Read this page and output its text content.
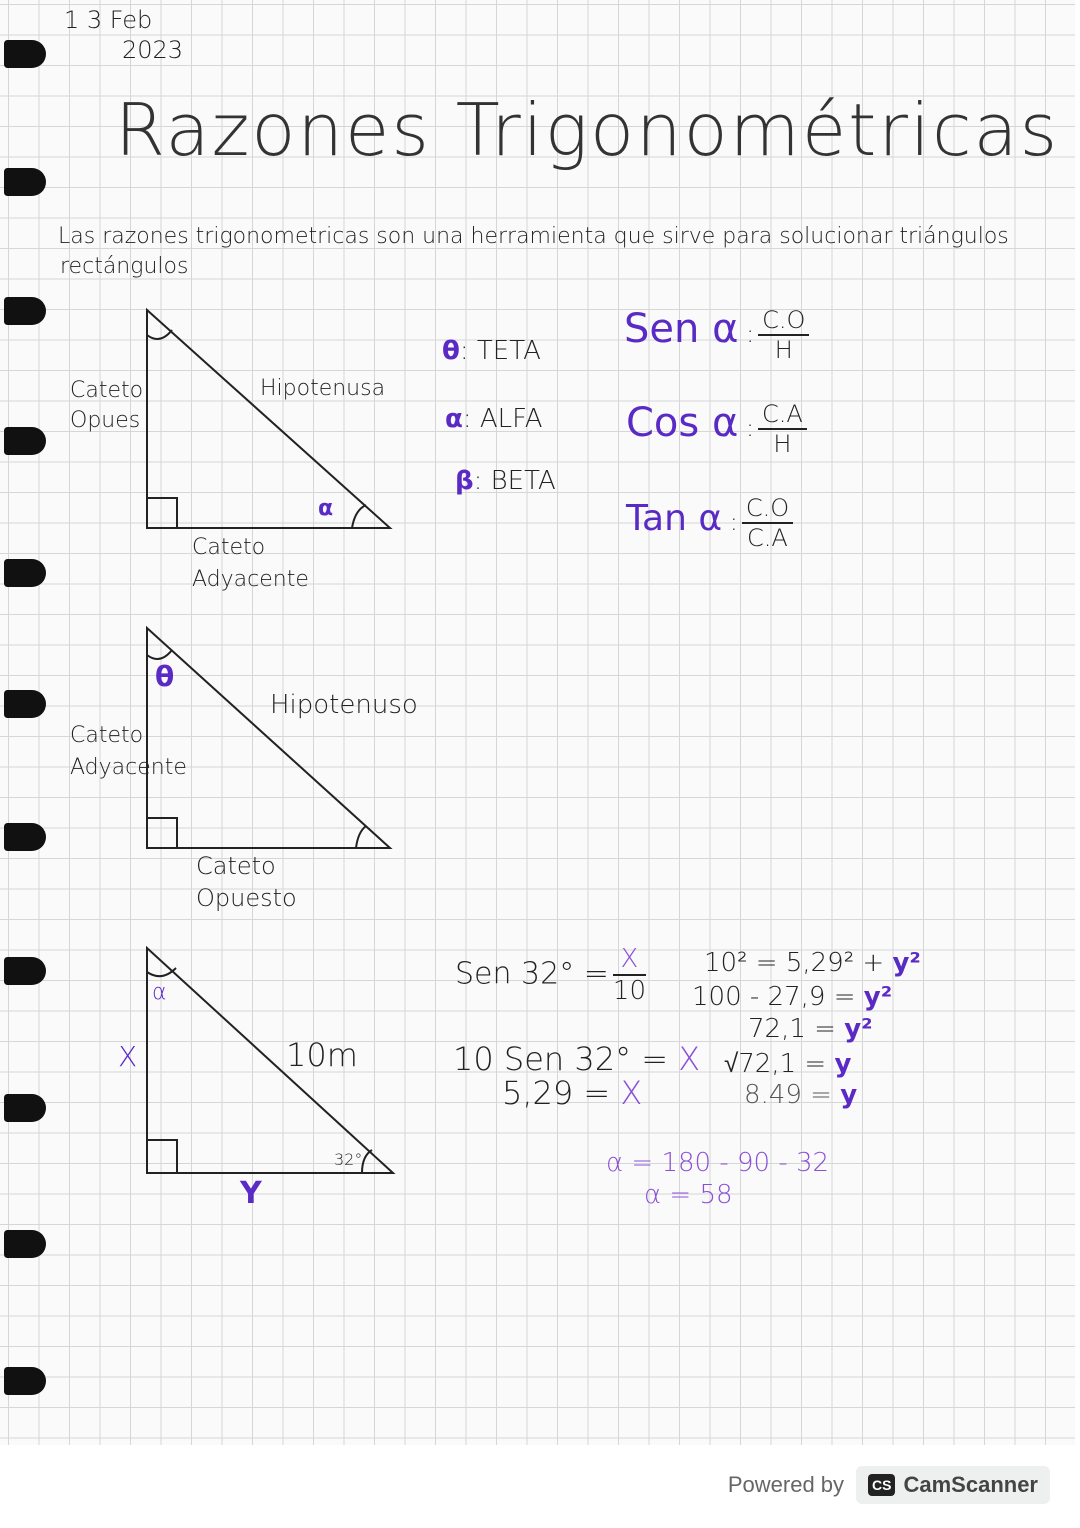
1 3 Feb
2023
Razones Trigonométricas
Las razones trigonometricas son una herramienta que sirve para solucionar triángulos
rectángulos
Cateto
Opues
Hipotenusa
Cateto
Adyacente
α
Cateto
Adyacente
Hipotenuso
Cateto
Opuesto
θ
X	10m
Y
α
32°
θ: TETA
α: ALFA
β: BETA
Sen α : $\frac{C.O}{H}$
Cos α : $\frac{C.A}{H}$
Tan α : $\frac{C.O}{C.A}$
Sen $32^\circ = \frac{X}{10}$
10 Sen 32° = X
5,29 = X
10² = 5,29² + y²
100 - 27,9 = y²
72,1 = y²
√72,1 = y
8.49 = y
α = 180 - 90 - 32
α = 58
Powered by CS CamScanner
